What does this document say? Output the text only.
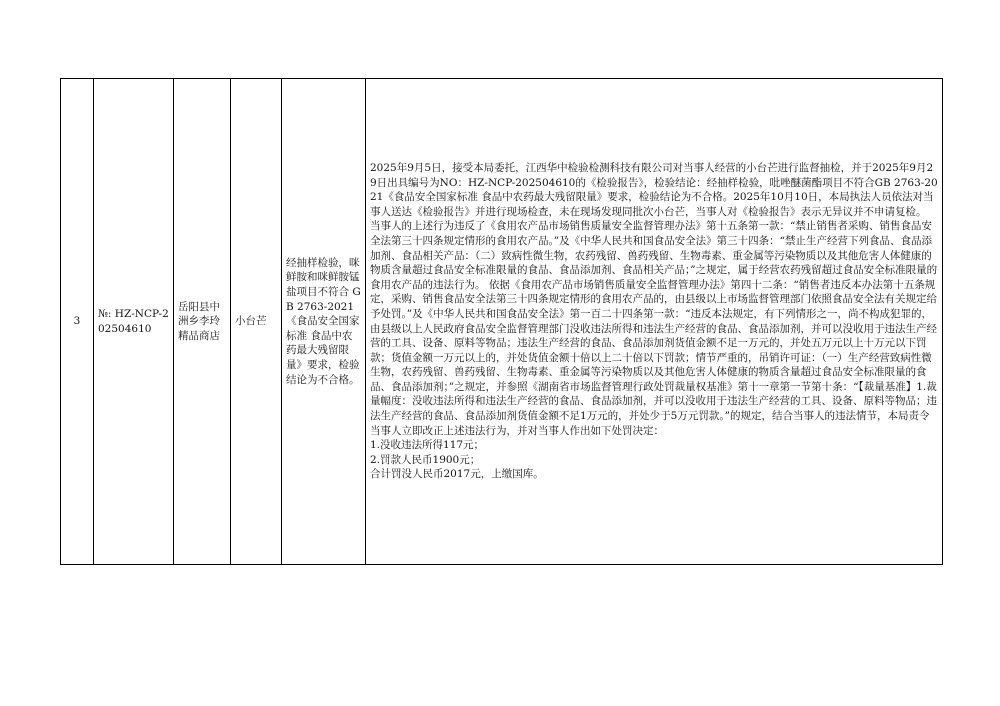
3	№: HZ-NCP-202504610	岳阳县中洲乡李玲精品商店	小台芒	经抽样检验，咪鲜胺和咪鲜胺锰盐项目不符合 GB 2763-2021《食品安全国家标准 食品中农药最大残留限量》要求，检验结论为不合格。	
2025年9月5日，接受本局委托，江西华中检验检测科技有限公司对当事人经营的小台芒进行监督抽检，并于2025年9月29日出具编号为NO：HZ-NCP-202504610的《检验报告》，检验结论：经抽样检验，吡唑醚菌酯项目不符合GB 2763-2021《食品安全国家标准 食品中农药最大残留限量》要求，检验结论为不合格。2025年10月10日，本局执法人员依法对当事人送达《检验报告》并进行现场检查，未在现场发现同批次小台芒，当事人对《检验报告》表示无异议并不申请复检。 当事人的上述行为违反了《食用农产品市场销售质量安全监督管理办法》第十五条第一款：“禁止销售者采购、销售食品安全法第三十四条规定情形的食用农产品。”及《中华人民共和国食品安全法》第三十四条：“禁止生产经营下列食品、食品添加剂、食品相关产品：（二）致病性微生物，农药残留、兽药残留、生物毒素、重金属等污染物质以及其他危害人体健康的物质含量超过食品安全标准限量的食品、食品添加剂、食品相关产品；”之规定，属于经营农药残留超过食品安全标准限量的食用农产品的违法行为。 依据《食用农产品市场销售质量安全监督管理办法》第四十二条：“销售者违反本办法第十五条规定，采购、销售食品安全法第三十四条规定情形的食用农产品的，由县级以上市场监督管理部门依照食品安全法有关规定给予处罚。”及《中华人民共和国食品安全法》第一百二十四条第一款：“违反本法规定，有下列情形之一，尚不构成犯罪的，由县级以上人民政府食品安全监督管理部门没收违法所得和违法生产经营的食品、食品添加剂，并可以没收用于违法生产经营的工具、设备、原料等物品；违法生产经营的食品、食品添加剂货值金额不足一万元的，并处五万元以上十万元以下罚款；货值金额一万元以上的，并处货值金额十倍以上二十倍以下罚款；情节严重的，吊销许可证：（一）生产经营致病性微生物，农药残留、兽药残留、生物毒素、重金属等污染物质以及其他危害人体健康的物质含量超过食品安全标准限量的食品、食品添加剂；”之规定，并参照《湖南省市场监督管理行政处罚裁量权基准》第十一章第一节第十条：“【裁量基准】1.裁量幅度：没收违法所得和违法生产经营的食品、食品添加剂，并可以没收用于违法生产经营的工具、设备、原料等物品；违法生产经营的食品、食品添加剂货值金额不足1万元的，并处少于5万元罚款。”的规定，结合当事人的违法情节，本局责令当事人立即改正上述违法行为，并对当事人作出如下处罚决定：
1.没收违法所得117元；
2.罚款人民币1900元；
合计罚没人民币2017元，上缴国库。
